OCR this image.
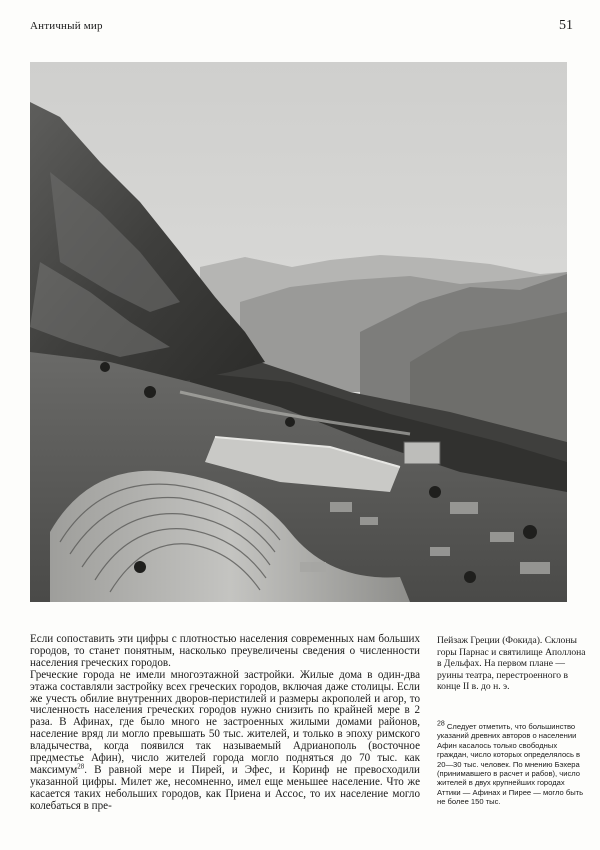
Античный мир	51

Если сопоставить эти цифры с плотностью населения современных нам больших городов, то станет понятным, насколько преувеличены сведения о численности населения греческих городов.

Греческие города не имели многоэтажной застройки. Жилые дома в один-два этажа составляли застройку всех греческих городов, включая даже столицы. Если же учесть обилие внутренних дворов-перистилей и размеры акрополей и агор, то численность населения греческих городов нужно снизить по крайней мере в 2 раза. В Афинах, где было много не застроенных жилыми домами районов, население вряд ли могло превышать 50 тыс. жителей, и только в эпоху римского владычества, когда появился так называемый Адрианополь (восточное предместье Афин), число жителей города могло подняться до 70 тыс. как максимум$^{28}$. В равной мере и Пирей, и Эфес, и Коринф не превосходили указанной цифры. Милет же, несомненно, имел еще меньшее население. Что же касается таких небольших городов, как Приена и Ассос, то их население могло колебаться в пре-

Пейзаж Греции (Фокида). Склоны горы Парнас и святилище Аполлона в Дельфах. На первом плане — руины театра, перестроенного в конце II в. до н. э.
$^{28}$ Следует отметить, что большинство указаний древних авторов о населении Афин касалось только свободных граждан, число которых определялось в 20—30 тыс. человек. По мнению Бэхера (принимавшего в расчет и рабов), число жителей в двух крупнейших городах Аттики — Афинах и Пирее — могло быть не более 150 тыс.
